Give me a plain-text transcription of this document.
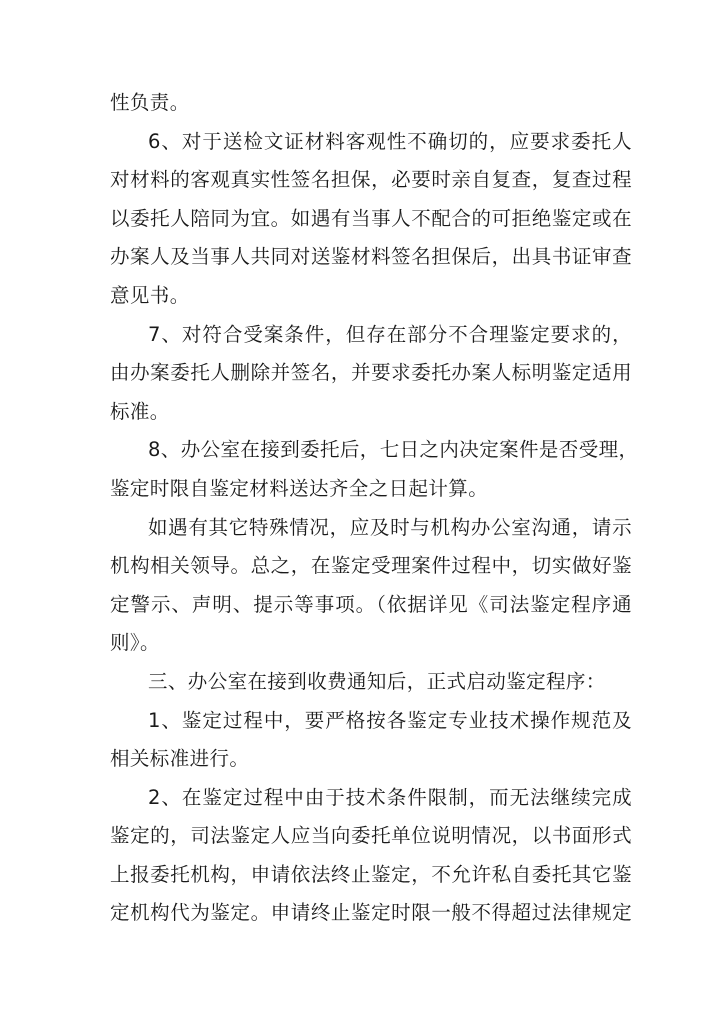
性负责。
6、对于送检文证材料客观性不确切的，应要求委托人
对材料的客观真实性签名担保，必要时亲自复查，复查过程
以委托人陪同为宜。如遇有当事人不配合的可拒绝鉴定或在
办案人及当事人共同对送鉴材料签名担保后，出具书证审查
意见书。
7、对符合受案条件，但存在部分不合理鉴定要求的，
由办案委托人删除并签名，并要求委托办案人标明鉴定适用
标准。
8、办公室在接到委托后，七日之内决定案件是否受理，
鉴定时限自鉴定材料送达齐全之日起计算。
如遇有其它特殊情况，应及时与机构办公室沟通，请示
机构相关领导。总之，在鉴定受理案件过程中，切实做好鉴
定警示、声明、提示等事项。（依据详见《司法鉴定程序通
则》。
三、办公室在接到收费通知后，正式启动鉴定程序：
1、鉴定过程中，要严格按各鉴定专业技术操作规范及
相关标准进行。
2、在鉴定过程中由于技术条件限制，而无法继续完成
鉴定的，司法鉴定人应当向委托单位说明情况，以书面形式
上报委托机构，申请依法终止鉴定，不允许私自委托其它鉴
定机构代为鉴定。申请终止鉴定时限一般不得超过法律规定
